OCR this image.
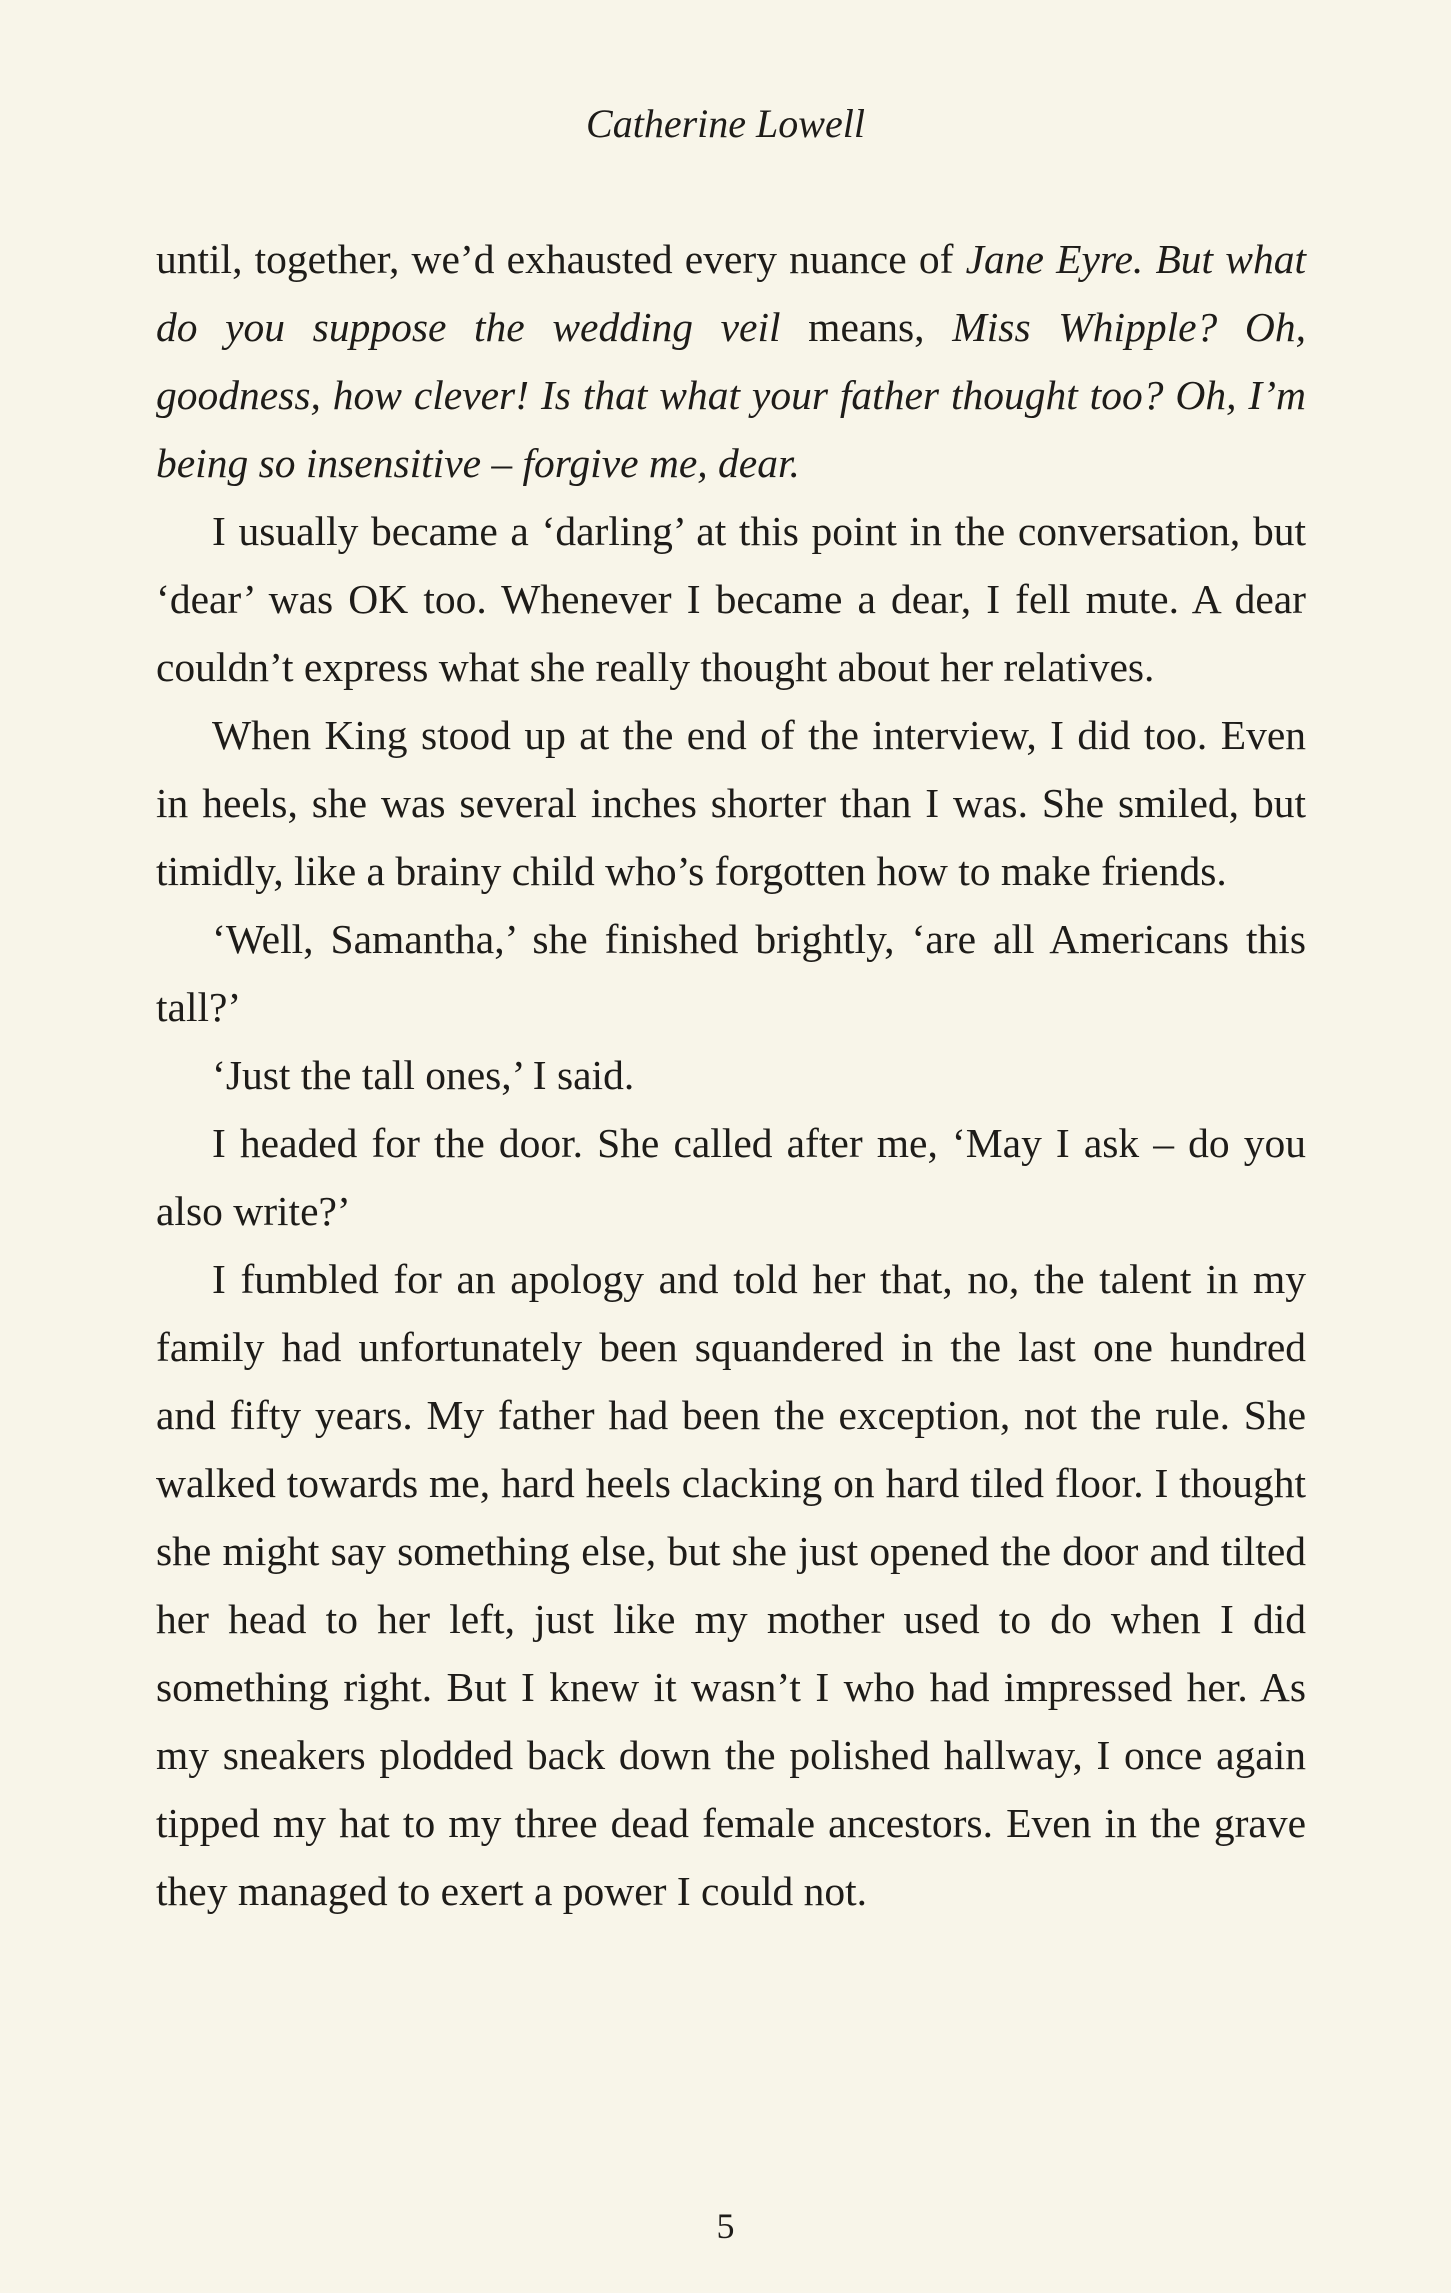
Catherine Lowell

until, together, we’d exhausted every nuance of Jane Eyre. But what do you suppose the wedding veil means, Miss Whipple? Oh, goodness, how clever! Is that what your father thought too? Oh, I’m being so insensitive – forgive me, dear.

I usually became a ‘darling’ at this point in the conversation, but ‘dear’ was OK too. Whenever I became a dear, I fell mute. A dear couldn’t express what she really thought about her relatives.

When King stood up at the end of the interview, I did too. Even in heels, she was several inches shorter than I was. She smiled, but timidly, like a brainy child who’s forgotten how to make friends.

‘Well, Samantha,’ she finished brightly, ‘are all Americans this tall?’

‘Just the tall ones,’ I said.

I headed for the door. She called after me, ‘May I ask – do you also write?’

I fumbled for an apology and told her that, no, the talent in my family had unfortunately been squandered in the last one hundred and fifty years. My father had been the exception, not the rule. She walked towards me, hard heels clacking on hard tiled floor. I thought she might say something else, but she just opened the door and tilted her head to her left, just like my mother used to do when I did something right. But I knew it wasn’t I who had impressed her. As my sneakers plodded back down the polished hallway, I once again tipped my hat to my three dead female ancestors. Even in the grave they managed to exert a power I could not.

5
